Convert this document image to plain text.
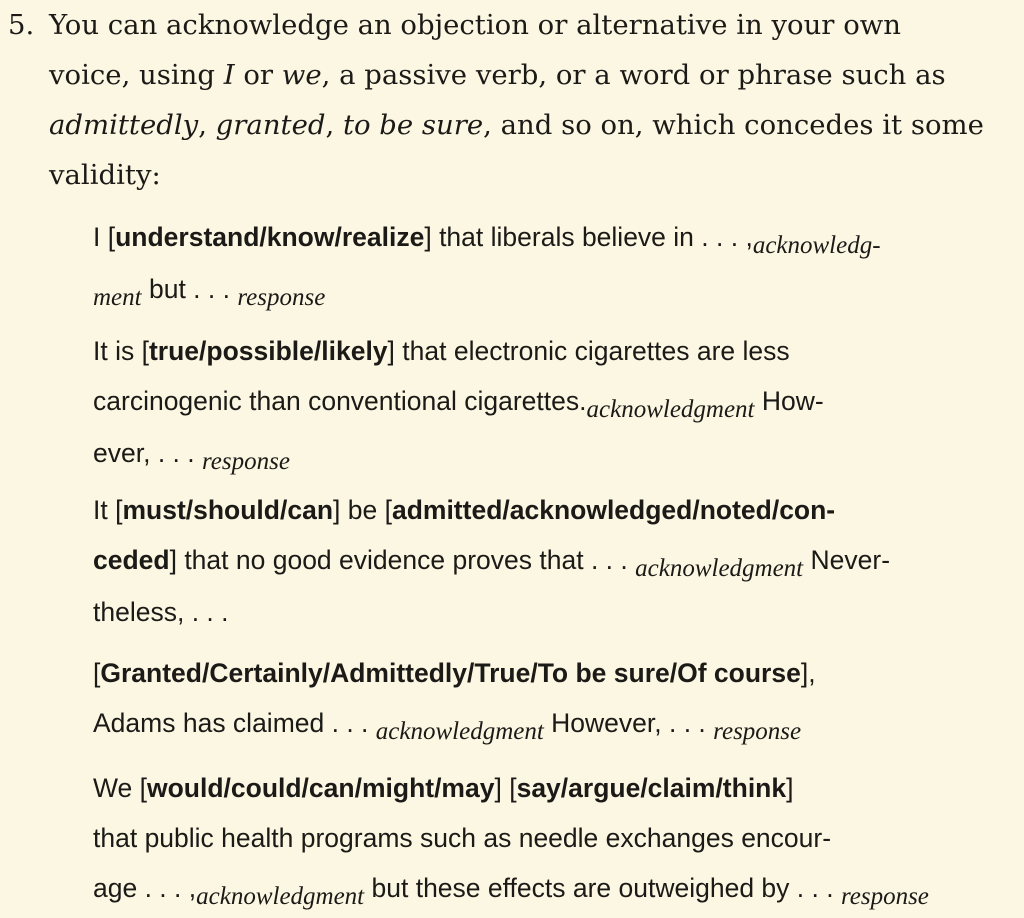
5. You can acknowledge an objection or alternative in your own
voice, using I or we, a passive verb, or a word or phrase such as
admittedly, granted, to be sure, and so on, which concedes it some
validity:
I [understand/know/realize] that liberals believe in . . . ,acknowledg-
ment but . . . response
It is [true/possible/likely] that electronic cigarettes are less
carcinogenic than conventional cigarettes.acknowledgment How-
ever, . . . response
It [must/should/can] be [admitted/acknowledged/noted/con-
ceded] that no good evidence proves that . . . acknowledgment Never-
theless, . . .
[Granted/Certainly/Admittedly/True/To be sure/Of course],
Adams has claimed . . . acknowledgment However, . . . response
We [would/could/can/might/may] [say/argue/claim/think]
that public health programs such as needle exchanges encour-
age . . . ,acknowledgment but these effects are outweighed by . . . response
